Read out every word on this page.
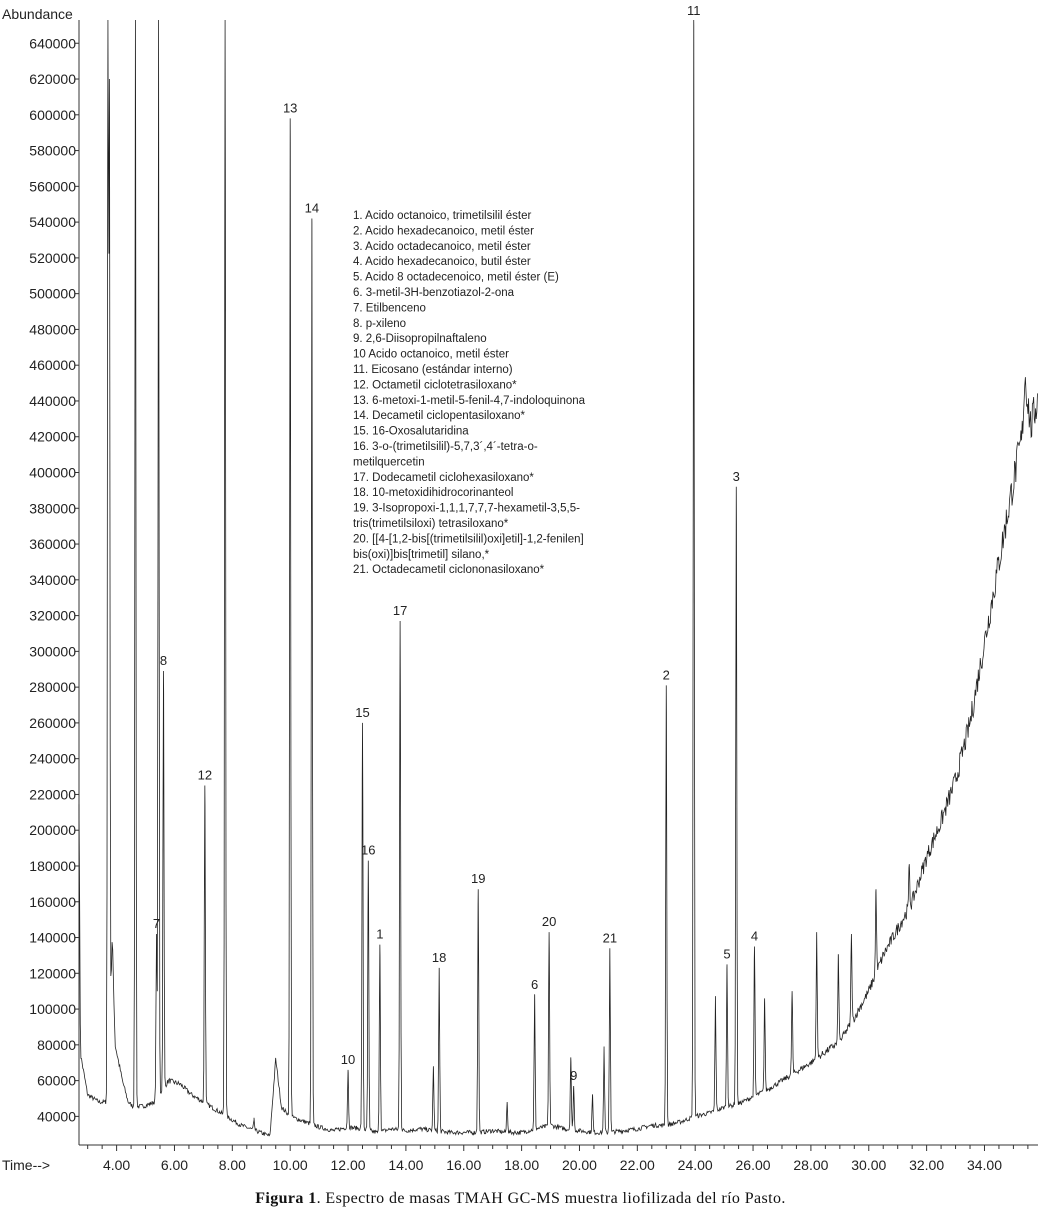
Abundance
Time-->
40000
60000
80000
100000
120000
140000
160000
180000
200000
220000
240000
260000
280000
300000
320000
340000
360000
380000
400000
420000
440000
460000
480000
500000
520000
540000
560000
580000
600000
620000
640000
4.00 6.00 8.00 10.00 12.00 14.00 16.00 18.00 20.00 22.00 24.00 26.00 28.00 30.00 32.00 34.00
7
8
12
13
14
10
15
16
1
17
18
19
6
9
20
21
2
11
5
3
4
1. Acido octanoico, trimetilsilil éster
2. Acido hexadecanoico, metil éster
3. Acido octadecanoico, metil éster
4. Acido hexadecanoico, butil éster
5. Acido 8 octadecenoico, metil éster (E)
6. 3-metil-3H-benzotiazol-2-ona
7. Etilbenceno
8. p-xileno
9. 2,6-Diisopropilnaftaleno
10 Acido octanoico, metil éster
11. Eicosano (estándar interno)
12. Octametil ciclotetrasiloxano*
13. 6-metoxi-1-metil-5-fenil-4,7-indoloquinona
14. Decametil ciclopentasiloxano*
15. 16-Oxosalutaridina
16. 3-o-(trimetilsilil)-5,7,3´,4´-tetra-o-
metilquercetin
17. Dodecametil ciclohexasiloxano*
18. 10-metoxidihidrocorinanteol
19. 3-Isopropoxi-1,1,1,7,7,7-hexametil-3,5,5-
tris(trimetilsiloxi) tetrasiloxano*
20. [[4-[1,2-bis[(trimetilsilil)oxi]etil]-1,2-fenilen]
bis(oxi)]bis[trimetil] silano,*
21. Octadecametil ciclononasiloxano*
Figura 1. Espectro de masas TMAH GC-MS muestra liofilizada del río Pasto.
